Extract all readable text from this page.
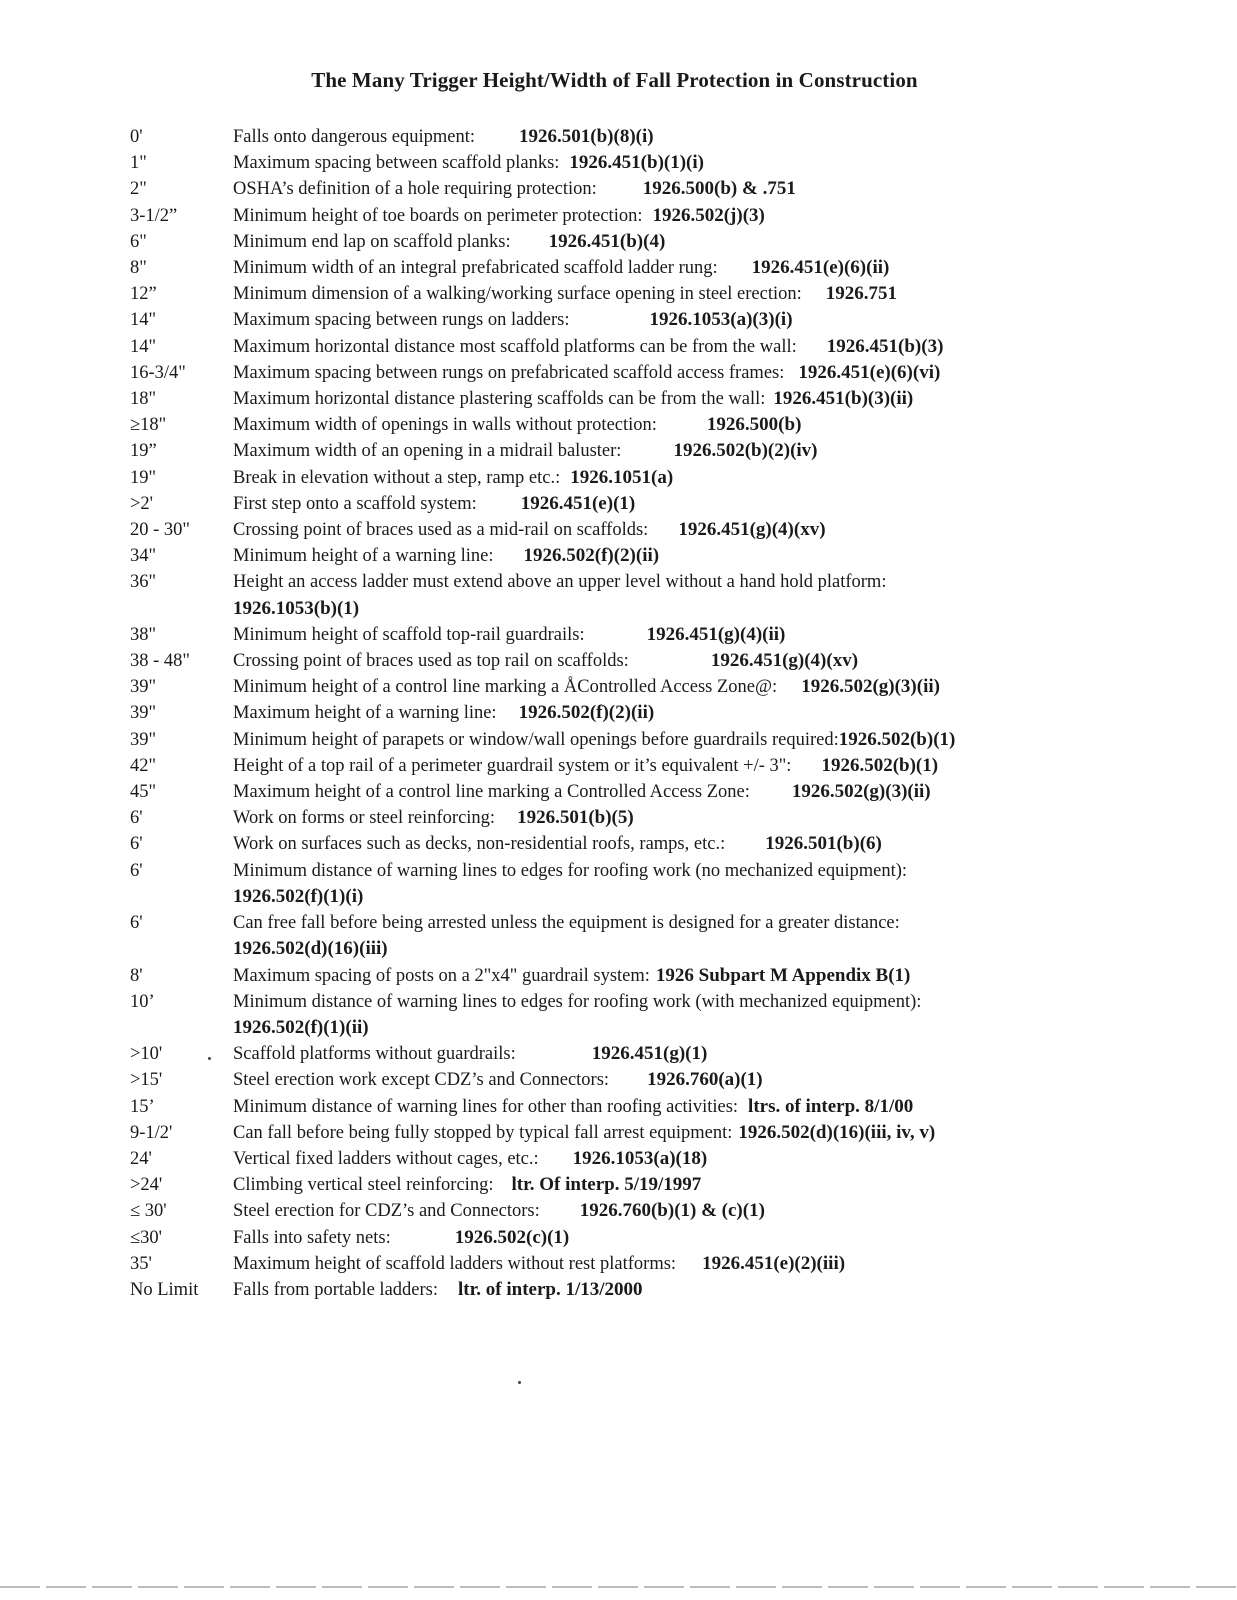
The Many Trigger Height/Width of Fall Protection in Construction
0'	Falls onto dangerous equipment: 1926.501(b)(8)(i)
1"	Maximum spacing between scaffold planks: 1926.451(b)(1)(i)
2"	OSHA’s definition of a hole requiring protection: 1926.500(b) & .751
3-1/2”	Minimum height of toe boards on perimeter protection: 1926.502(j)(3)
6"	Minimum end lap on scaffold planks: 1926.451(b)(4)
8"	Minimum width of an integral prefabricated scaffold ladder rung: 1926.451(e)(6)(ii)
12”	Minimum dimension of a walking/working surface opening in steel erection: 1926.751
14"	Maximum spacing between rungs on ladders:	1926.1053(a)(3)(i)
14"	Maximum horizontal distance most scaffold platforms can be from the wall: 1926.451(b)(3)
16-3/4"	Maximum spacing between rungs on prefabricated scaffold access frames: 1926.451(e)(6)(vi)
18"	Maximum horizontal distance plastering scaffolds can be from the wall: 1926.451(b)(3)(ii)
≥18"	Maximum width of openings in walls without protection:	1926.500(b)
19”	Maximum width of an opening in a midrail baluster:	1926.502(b)(2)(iv)
19"	Break in elevation without a step, ramp etc.: 1926.1051(a)
>2'	First step onto a scaffold system: 1926.451(e)(1)
20 - 30"	Crossing point of braces used as a mid-rail on scaffolds: 1926.451(g)(4)(xv)
34"	Minimum height of a warning line: 1926.502(f)(2)(ii)
36"	Height an access ladder must extend above an upper level without a hand hold platform:
1926.1053(b)(1)
38"	Minimum height of scaffold top-rail guardrails:	1926.451(g)(4)(ii)
38 - 48"	Crossing point of braces used as top rail on scaffolds:	1926.451(g)(4)(xv)
39"	Minimum height of a control line marking a ÅControlled Access Zone@: 1926.502(g)(3)(ii)
39"	Maximum height of a warning line: 1926.502(f)(2)(ii)
39"	Minimum height of parapets or window/wall openings before guardrails required:1926.502(b)(1)
42"	Height of a top rail of a perimeter guardrail system or it’s equivalent +/- 3": 1926.502(b)(1)
45"	Maximum height of a control line marking a Controlled Access Zone: 1926.502(g)(3)(ii)
6'	Work on forms or steel reinforcing: 1926.501(b)(5)
6'	Work on surfaces such as decks, non-residential roofs, ramps, etc.: 1926.501(b)(6)
6'	Minimum distance of warning lines to edges for roofing work (no mechanized equipment):
1926.502(f)(1)(i)
6'	Can free fall before being arrested unless the equipment is designed for a greater distance:
1926.502(d)(16)(iii)
8'	Maximum spacing of posts on a 2"x4" guardrail system: 1926 Subpart M Appendix B(1)
10’	Minimum distance of warning lines to edges for roofing work (with mechanized equipment):
1926.502(f)(1)(ii)
>10'	Scaffold platforms without guardrails:	1926.451(g)(1)
>15'	Steel erection work except CDZ’s and Connectors: 1926.760(a)(1)
15’	Minimum distance of warning lines for other than roofing activities: ltrs. of interp. 8/1/00
9-1/2'	Can fall before being fully stopped by typical fall arrest equipment: 1926.502(d)(16)(iii, iv, v)
24'	Vertical fixed ladders without cages, etc.: 1926.1053(a)(18)
>24'	Climbing vertical steel reinforcing: ltr. Of interp. 5/19/1997
≤ 30'	Steel erection for CDZ’s and Connectors: 1926.760(b)(1) & (c)(1)
≤30'	Falls into safety nets:	1926.502(c)(1)
35'	Maximum height of scaffold ladders without rest platforms: 1926.451(e)(2)(iii)
No Limit	Falls from portable ladders: ltr. of interp. 1/13/2000
